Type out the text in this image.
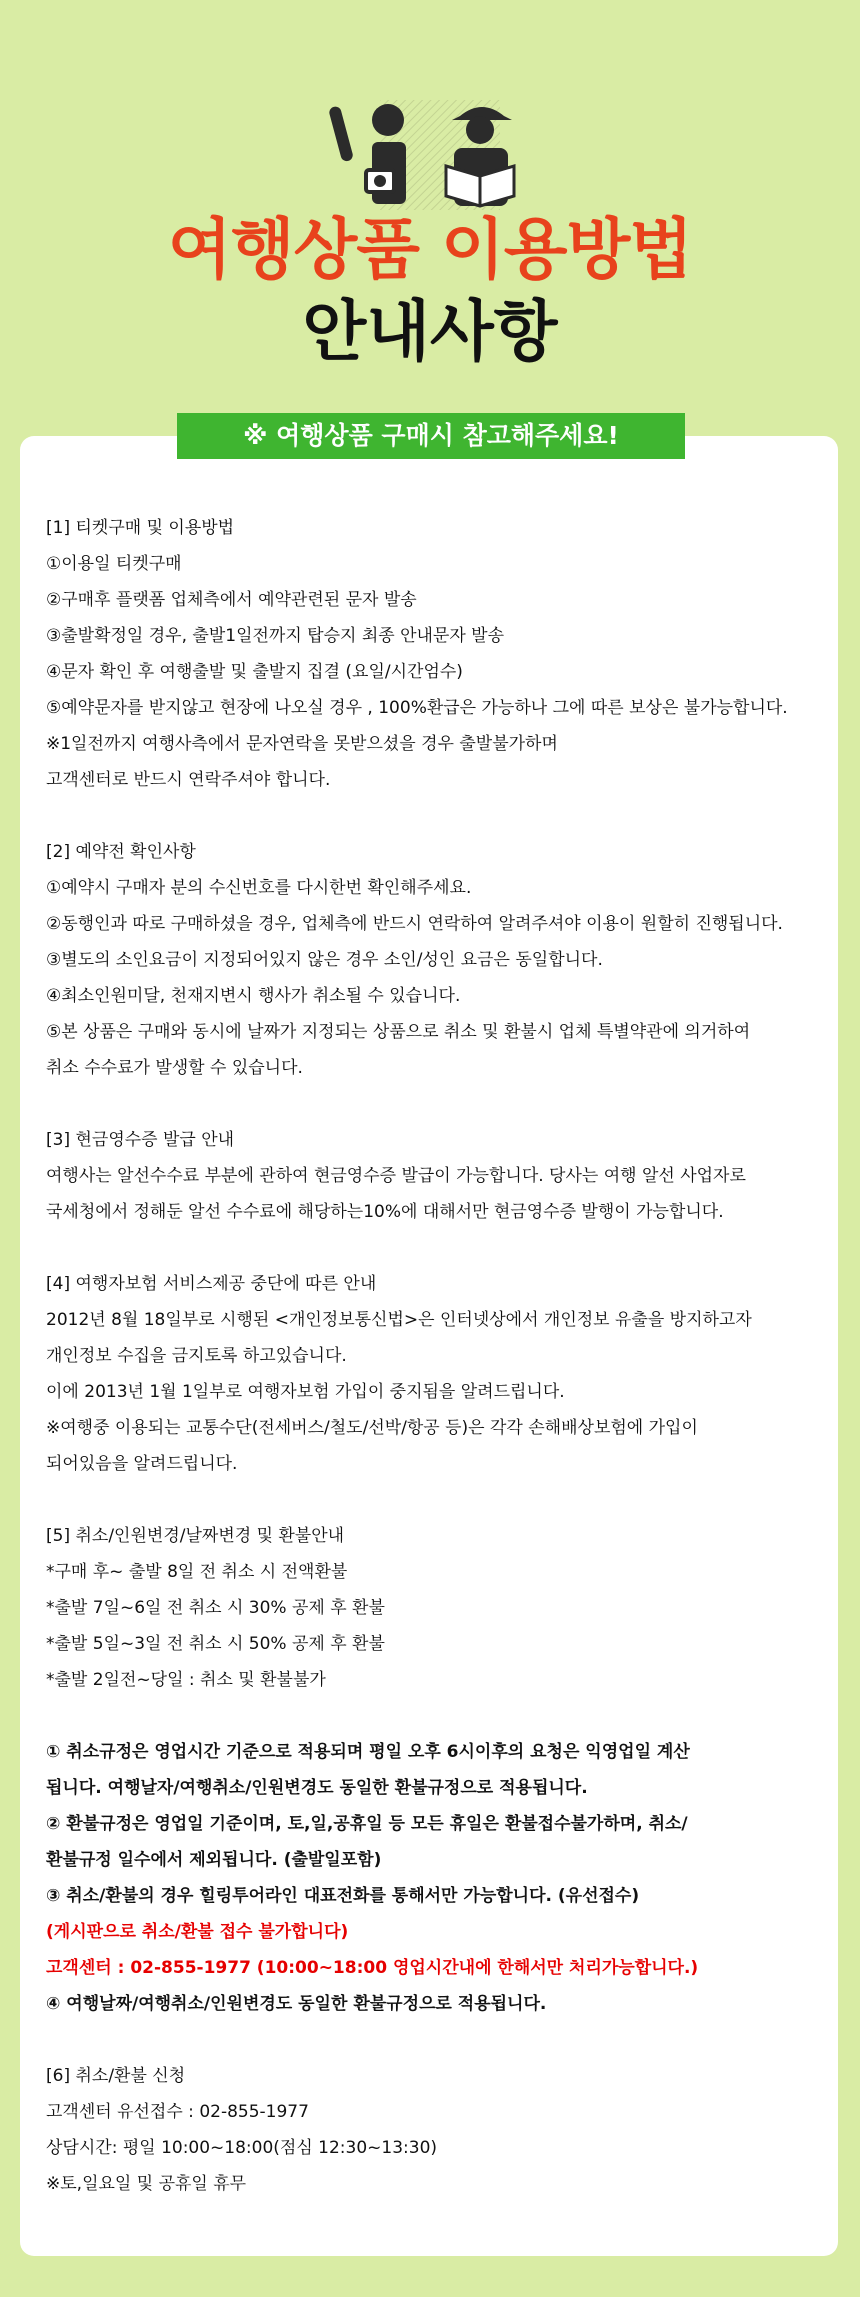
여행상품 이용방법
안내사항
※ 여행상품 구매시 참고해주세요!
[1] 티켓구매 및 이용방법
①이용일 티켓구매
②구매후 플랫폼 업체측에서 예약관련된 문자 발송
③출발확정일 경우, 출발1일전까지 탑승지 최종 안내문자 발송
④문자 확인 후 여행출발 및 출발지 집결 (요일/시간엄수)
⑤예약문자를 받지않고 현장에 나오실 경우 , 100%환급은 가능하나 그에 따른 보상은 불가능합니다.
※1일전까지 여행사측에서 문자연락을 못받으셨을 경우 출발불가하며
고객센터로 반드시 연락주셔야 합니다.
[2] 예약전 확인사항
①예약시 구매자 분의 수신번호를 다시한번 확인해주세요.
②동행인과 따로 구매하셨을 경우, 업체측에 반드시 연락하여 알려주셔야 이용이 원할히 진행됩니다.
③별도의 소인요금이 지정되어있지 않은 경우 소인/성인 요금은 동일합니다.
④최소인원미달, 천재지변시 행사가 취소될 수 있습니다.
⑤본 상품은 구매와 동시에 날짜가 지정되는 상품으로 취소 및 환불시 업체 특별약관에 의거하여
취소 수수료가 발생할 수 있습니다.
[3] 현금영수증 발급 안내
여행사는 알선수수료 부분에 관하여 현금영수증 발급이 가능합니다. 당사는 여행 알선 사업자로
국세청에서 정해둔 알선 수수료에 해당하는10%에 대해서만 현금영수증 발행이 가능합니다.
[4] 여행자보험 서비스제공 중단에 따른 안내
2012년 8월 18일부로 시행된 <개인정보통신법>은 인터넷상에서 개인정보 유출을 방지하고자
개인정보 수집을 금지토록 하고있습니다.
이에 2013년 1월 1일부로 여행자보험 가입이 중지됨을 알려드립니다.
※여행중 이용되는 교통수단(전세버스/철도/선박/항공 등)은 각각 손해배상보험에 가입이
되어있음을 알려드립니다.
[5] 취소/인원변경/날짜변경 및 환불안내
*구매 후~ 출발 8일 전 취소 시 전액환불
*출발 7일~6일 전 취소 시 30% 공제 후 환불
*출발 5일~3일 전 취소 시 50% 공제 후 환불
*출발 2일전~당일 : 취소 및 환불불가
① 취소규정은 영업시간 기준으로 적용되며 평일 오후 6시이후의 요청은 익영업일 계산
됩니다. 여행날자/여행취소/인원변경도 동일한 환불규정으로 적용됩니다.
② 환불규정은 영업일 기준이며, 토,일,공휴일 등 모든 휴일은 환불접수불가하며, 취소/
환불규정 일수에서 제외됩니다. (출발일포함)
③ 취소/환불의 경우 힐링투어라인 대표전화를 통해서만 가능합니다. (유선접수)
(게시판으로 취소/환불 접수 불가합니다)
고객센터 : 02-855-1977 (10:00~18:00 영업시간내에 한해서만 처리가능합니다.)
④ 여행날짜/여행취소/인원변경도 동일한 환불규정으로 적용됩니다.
[6] 취소/환불 신청
고객센터 유선접수 : 02-855-1977
상담시간: 평일 10:00~18:00(점심 12:30~13:30)
※토,일요일 및 공휴일 휴무
